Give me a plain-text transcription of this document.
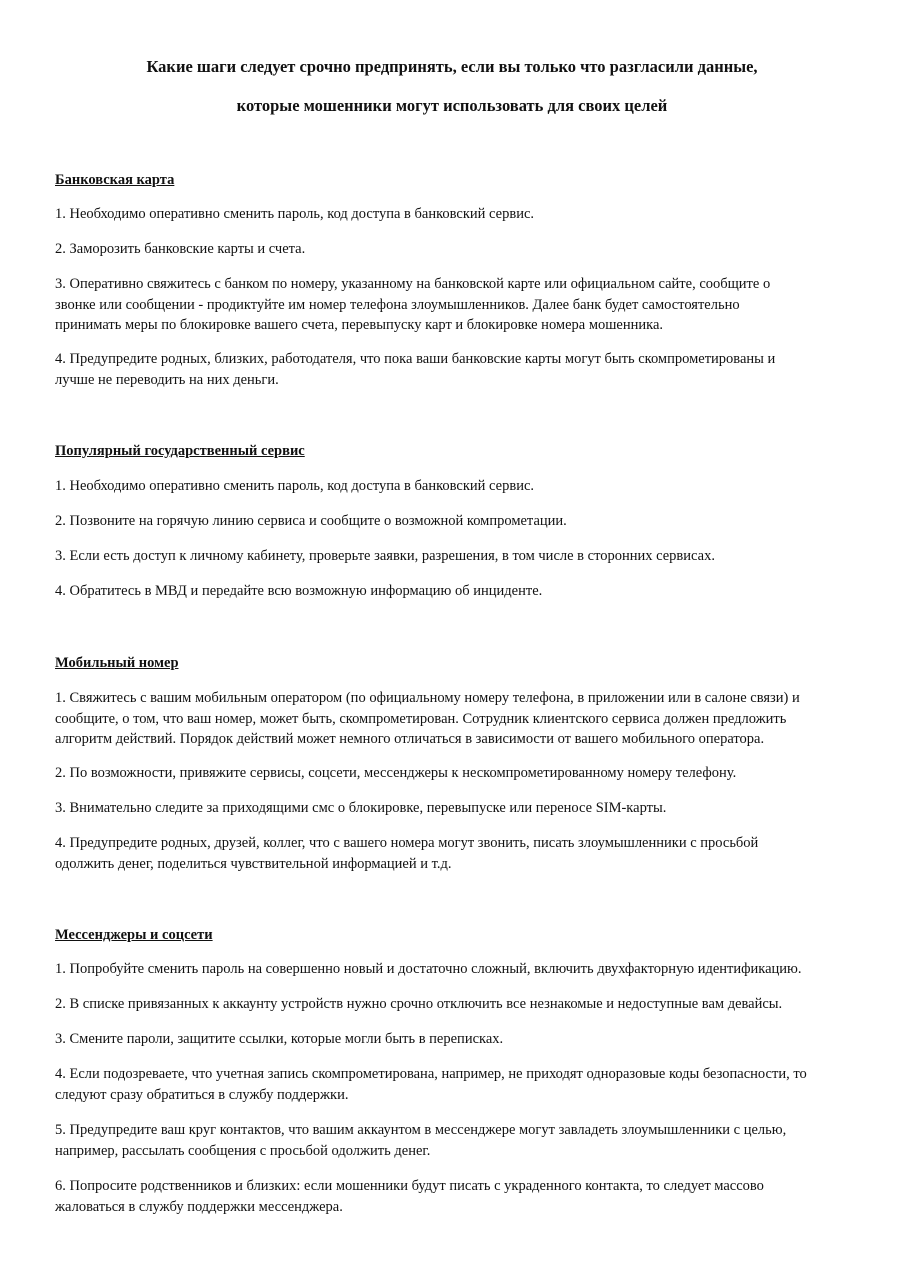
Какие шаги следует срочно предпринять, если вы только что разгласили данные,
которые мошенники могут использовать для своих целей
Банковская карта
1. Необходимо оперативно сменить пароль, код доступа в банковский сервис.
2. Заморозить банковские карты и счета.
3. Оперативно свяжитесь с банком по номеру, указанному на банковской карте или официальном сайте, сообщите о
звонке или сообщении - продиктуйте им номер телефона злоумышленников. Далее банк будет самостоятельно
принимать меры по блокировке вашего счета, перевыпуску карт и блокировке номера мошенника.
4. Предупредите родных, близких, работодателя, что пока ваши банковские карты могут быть скомпрометированы и
лучше не переводить на них деньги.
Популярный государственный сервис
1. Необходимо оперативно сменить пароль, код доступа в банковский сервис.
2. Позвоните на горячую линию сервиса и сообщите о возможной компрометации.
3. Если есть доступ к личному кабинету, проверьте заявки, разрешения, в том числе в сторонних сервисах.
4. Обратитесь в МВД и передайте всю возможную информацию об инциденте.
Мобильный номер
1. Свяжитесь с вашим мобильным оператором (по официальному номеру телефона, в приложении или в салоне связи) и
сообщите, о том, что ваш номер, может быть, скомпрометирован. Сотрудник клиентского сервиса должен предложить
алгоритм действий. Порядок действий может немного отличаться в зависимости от вашего мобильного оператора.
2. По возможности, привяжите сервисы, соцсети, мессенджеры к нескомпрометированному номеру телефону.
3. Внимательно следите за приходящими смс о блокировке, перевыпуске или переносе SIM-карты.
4. Предупредите родных, друзей, коллег, что с вашего номера могут звонить, писать злоумышленники с просьбой
одолжить денег, поделиться чувствительной информацией и т.д.
Мессенджеры и соцсети
1. Попробуйте сменить пароль на совершенно новый и достаточно сложный, включить двухфакторную идентификацию.
2. В списке привязанных к аккаунту устройств нужно срочно отключить все незнакомые и недоступные вам девайсы.
3. Смените пароли, защитите ссылки, которые могли быть в переписках.
4. Если подозреваете, что учетная запись скомпрометирована, например, не приходят одноразовые коды безопасности, то
следуют сразу обратиться в службу поддержки.
5. Предупредите ваш круг контактов, что вашим аккаунтом в мессенджере могут завладеть злоумышленники с целью,
например, рассылать сообщения с просьбой одолжить денег.
6. Попросите родственников и близких: если мошенники будут писать с украденного контакта, то следует массово
жаловаться в службу поддержки мессенджера.
